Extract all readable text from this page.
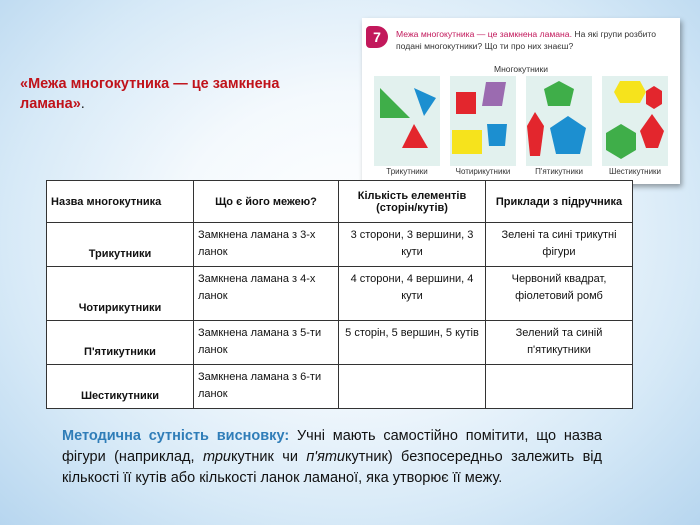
«Межа многокутника — це замкнена ламана».
7	Межа многокутника — це замкнена ламана. На які групи розбито подані многокутники? Що ти про них знаєш?
Многокутники
Трикутники	Чотирикутники	П'ятикутники	Шестикутники
Назва многокутника	Що є його межею?	Кількість елементів (сторін/кутів)	Приклади з підручника
Трикутники	Замкнена ламана з 3-х ланок	3 сторони, 3 вершини, 3 кути	Зелені та сині трикутні фігури
Чотирикутники	Замкнена ламана з 4-х ланок	4 сторони, 4 вершини, 4 кути	Червоний квадрат, фіолетовий ромб
П'ятикутники	Замкнена ламана з 5-ти ланок	5 сторін, 5 вершин, 5 кутів	Зелений та синій п'ятикутники
Шестикутники	Замкнена ламана з 6-ти ланок		
Методична сутність висновку: Учні мають самостійно помітити, що назва фігури (наприклад, трикутник чи п'ятикутник) безпосередньо залежить від кількості її кутів або кількості ланок ламаної, яка утворює її межу.
